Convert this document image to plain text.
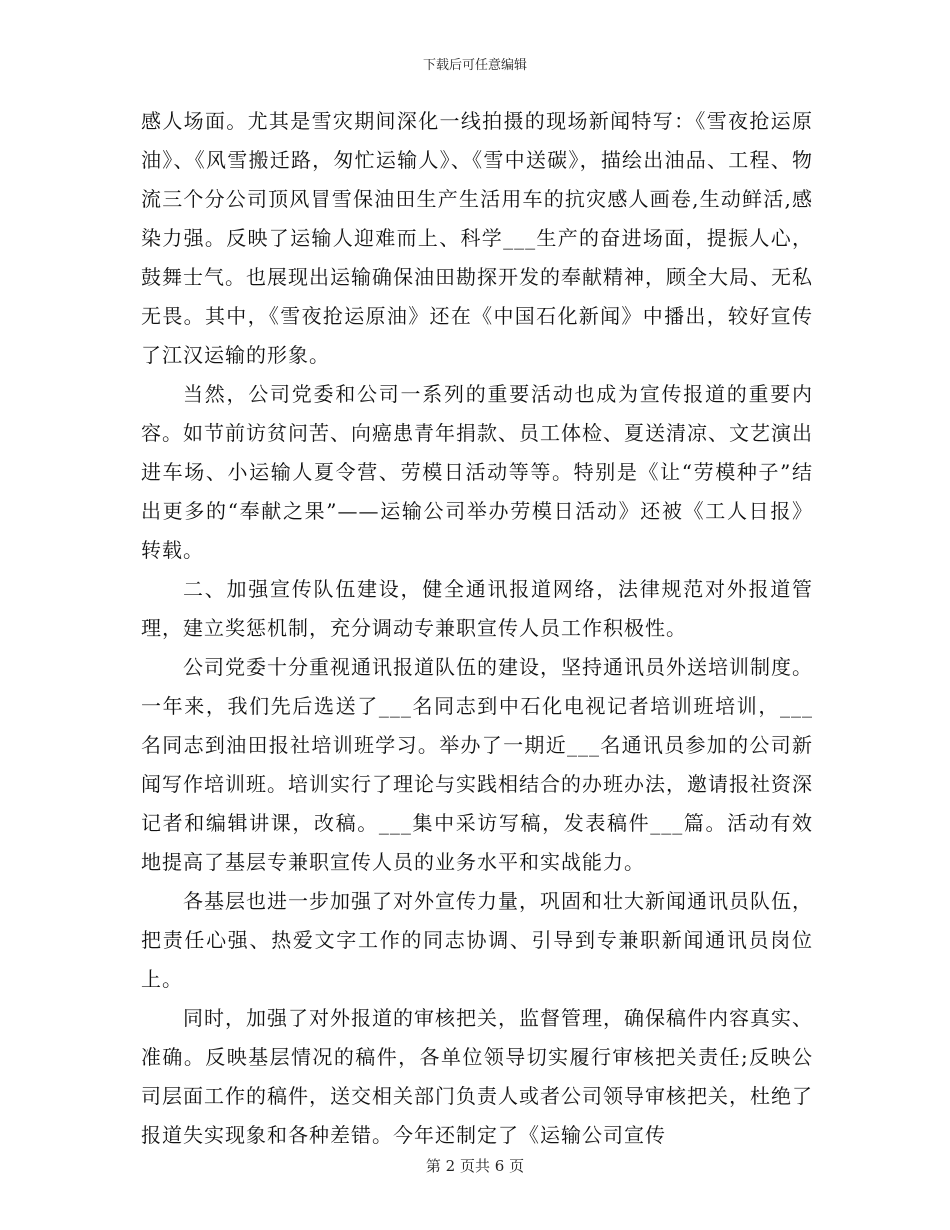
下载后可任意编辑

感人场面。尤其是雪灾期间深化一线拍摄的现场新闻特写：《雪夜抢运原油》、《风雪搬迁路，匆忙运输人》、《雪中送碳》，描绘出油品、工程、物流三个分公司顶风冒雪保油田生产生活用车的抗灾感人画卷,生动鲜活,感染力强。反映了运输人迎难而上、科学___生产的奋进场面，提振人心，鼓舞士气。也展现出运输确保油田勘探开发的奉献精神，顾全大局、无私无畏。其中，《雪夜抢运原油》还在《中国石化新闻》中播出，较好宣传了江汉运输的形象。

当然，公司党委和公司一系列的重要活动也成为宣传报道的重要内容。如节前访贫问苦、向癌患青年捐款、员工体检、夏送清凉、文艺演出进车场、小运输人夏令营、劳模日活动等等。特别是《让“劳模种子”结出更多的“奉献之果”——运输公司举办劳模日活动》还被《工人日报》转载。

二、加强宣传队伍建设，健全通讯报道网络，法律规范对外报道管理，建立奖惩机制，充分调动专兼职宣传人员工作积极性。

公司党委十分重视通讯报道队伍的建设，坚持通讯员外送培训制度。一年来，我们先后选送了___名同志到中石化电视记者培训班培训，___名同志到油田报社培训班学习。举办了一期近___名通讯员参加的公司新闻写作培训班。培训实行了理论与实践相结合的办班办法，邀请报社资深记者和编辑讲课，改稿。___集中采访写稿，发表稿件___篇。活动有效地提高了基层专兼职宣传人员的业务水平和实战能力。

各基层也进一步加强了对外宣传力量，巩固和壮大新闻通讯员队伍，把责任心强、热爱文字工作的同志协调、引导到专兼职新闻通讯员岗位上。

同时，加强了对外报道的审核把关，监督管理，确保稿件内容真实、准确。反映基层情况的稿件，各单位领导切实履行审核把关责任;反映公司层面工作的稿件，送交相关部门负责人或者公司领导审核把关，杜绝了报道失实现象和各种差错。今年还制定了《运输公司宣传

第 2 页共 6 页
